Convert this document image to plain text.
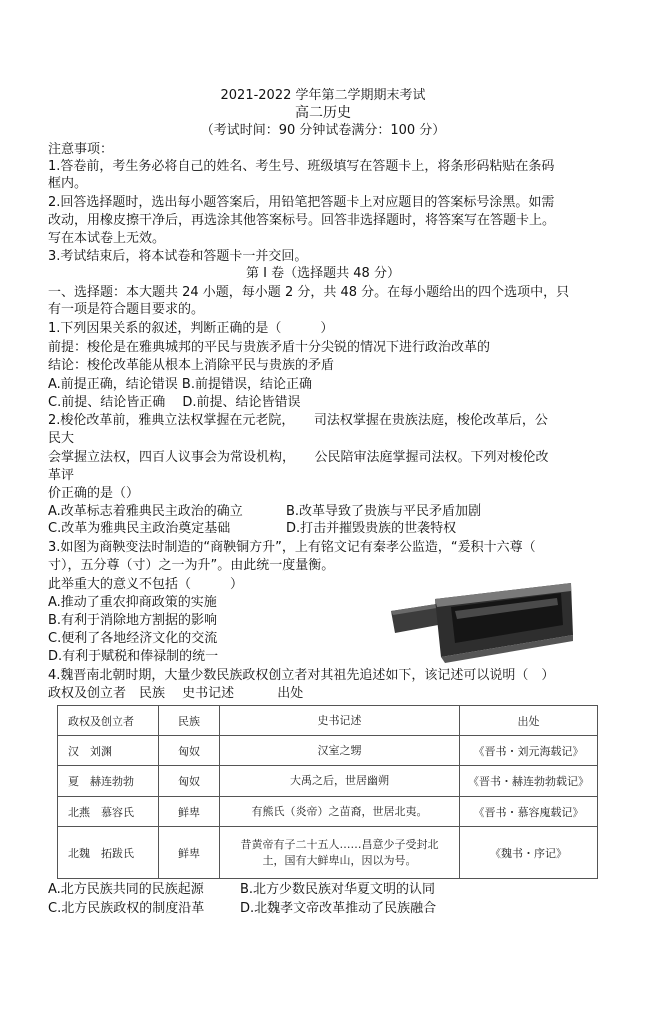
2021-2022 学年第二学期期末考试
高二历史
（考试时间：90 分钟试卷满分：100 分）
注意事项：
1.答卷前，考生务必将自己的姓名、考生号、班级填写在答题卡上，将条形码粘贴在条码
框内。
2.回答选择题时，选出每小题答案后，用铅笔把答题卡上对应题目的答案标号涂黑。如需
改动，用橡皮擦干净后，再选涂其他答案标号。回答非选择题时，将答案写在答题卡上。
写在本试卷上无效。
3.考试结束后，将本试卷和答题卡一并交回。
第 I 卷（选择题共 48 分）
一、选择题：本大题共 24 小题，每小题 2 分，共 48 分。在每小题给出的四个选项中，只
有一项是符合题目要求的。
1.下列因果关系的叙述，判断正确的是（　　　）
前提：梭伦是在雅典城邦的平民与贵族矛盾十分尖锐的情况下进行政治改革的
结论：梭伦改革能从根本上消除平民与贵族的矛盾
A.前提正确，结论错误 B.前提错误，结论正确
C.前提、结论皆正确　 D.前提、结论皆错误
2.梭伦改革前，雅典立法权掌握在元老院，　　司法权掌握在贵族法庭，梭伦改革后，公
民大
会掌握立法权，四百人议事会为常设机构，　　公民陪审法庭掌握司法权。下列对梭伦改
革评
价正确的是（）
A.改革标志着雅典民主政治的确立	B.改革导致了贵族与平民矛盾加剧
C.改革为雅典民主政治奠定基础	D.打击并摧毁贵族的世袭特权
3.如图为商鞅变法时制造的“商鞅铜方升”，上有铭文记有秦孝公监造，“爰积十六尊（
寸），五分尊（寸）之一为升”。由此统一度量衡。
此举重大的意义不包括（　　　）
A.推动了重农抑商政策的实施
B.有利于消除地方割据的影响
C.便利了各地经济文化的交流
D.有利于赋税和俸禄制的统一
4.魏晋南北朝时期，大量少数民族政权创立者对其祖先追述如下，该记述可以说明（　）
政权及创立者　民族　 史书记述　　　 出处
政权及创立者	民族	史书记述	出处
汉　刘渊	匈奴	汉室之甥	《晋书・刘元海载记》
夏　赫连勃勃	匈奴	大禹之后，世居幽朔	《晋书・赫连勃勃载记》
北燕　慕容氏	鲜卑	有熊氏（炎帝）之苗裔，世居北夷。	《晋书・慕容廆载记》
北魏　拓跋氏	鲜卑	昔黄帝有子二十五人……昌意少子受封北
土，国有大鲜卑山，因以为号。	《魏书・序记》
A.北方民族共同的民族起源	B.北方少数民族对华夏文明的认同
C.北方民族政权的制度沿革	D.北魏孝文帝改革推动了民族融合
